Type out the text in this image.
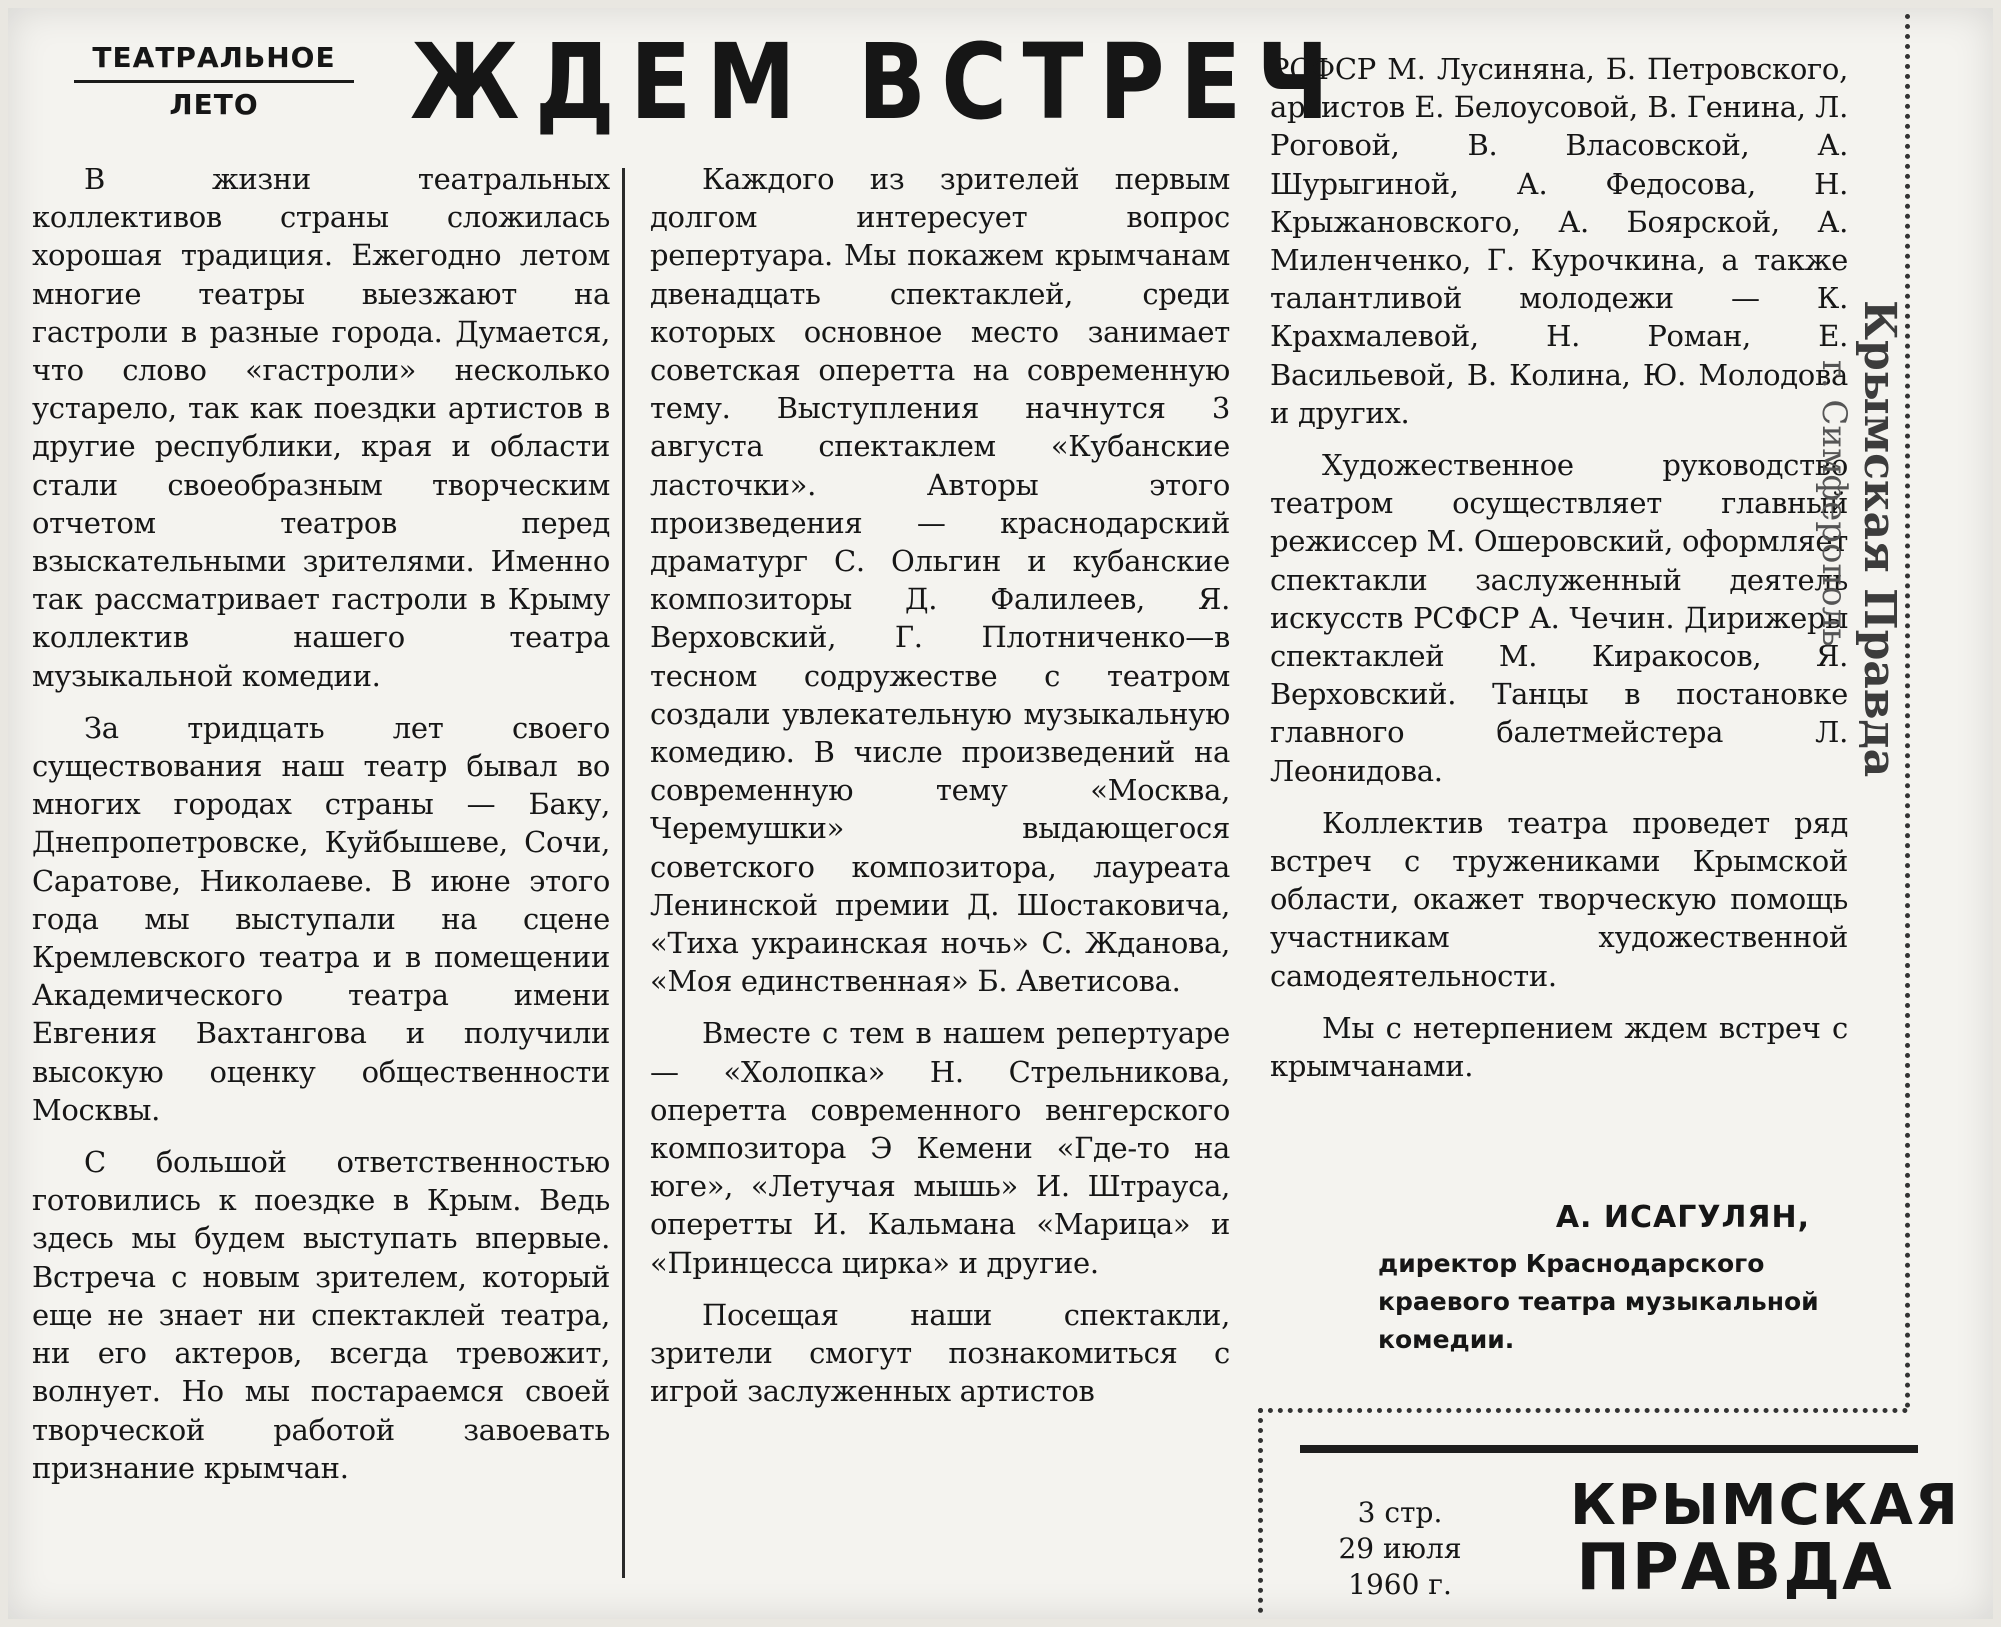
ТЕАТРАЛЬНОЕ
ЛЕТО	ЖДЕМ ВСТРЕЧ

В жизни театральных коллективов страны сложилась хорошая традиция. Ежегодно летом многие театры выезжают на гастроли в разные города. Думается, что слово «гастроли» несколько устарело, так как поездки артистов в другие республики, края и области стали своеобразным творческим отчетом театров перед взыскательными зрителями. Именно так рассматривает гастроли в Крыму коллектив нашего театра музыкальной комедии.

За тридцать лет своего существования наш театр бывал во многих городах страны — Баку, Днепропетровске, Куйбышеве, Сочи, Саратове, Николаеве. В июне этого года мы выступали на сцене Кремлевского театра и в помещении Академического театра имени Евгения Вахтангова и получили высокую оценку общественности Москвы.

С большой ответственностью готовились к поездке в Крым. Ведь здесь мы будем выступать впервые. Встреча с новым зрителем, который еще не знает ни спектаклей театра, ни его актеров, всегда тревожит, волнует. Но мы постараемся своей творческой работой завоевать признание крымчан.

Каждого из зрителей первым долгом интересует вопрос репертуара. Мы покажем крымчанам двенадцать спектаклей, среди которых основное место занимает советская оперетта на современную тему. Выступления начнутся 3 августа спектаклем «Кубанские ласточки». Авторы этого произведения — краснодарский драматург С. Ольгин и кубанские композиторы Д. Фалилеев, Я. Верховский, Г. Плотниченко—в тесном содружестве с театром создали увлекательную музыкальную комедию. В числе произведений на современную тему «Москва, Черемушки» выдающегося советского композитора, лауреата Ленинской премии Д. Шостаковича, «Тиха украинская ночь» С. Жданова, «Моя единственная» Б. Аветисова.

Вместе с тем в нашем репертуаре — «Холопка» Н. Стрельникова, оперетта современного венгерского композитора Э Кемени «Где-то на юге», «Летучая мышь» И. Штрауса, оперетты И. Кальмана «Марица» и «Принцесса цирка» и другие.

Посещая наши спектакли, зрители смогут познакомиться с игрой заслуженных артистов

РСФСР М. Лусиняна, Б. Петровского, артистов Е. Белоусовой, В. Генина, Л. Роговой, В. Власовской, А. Шурыгиной, А. Федосова, Н. Крыжановского, А. Боярской, А. Миленченко, Г. Курочкина, а также талантливой молодежи — К. Крахмалевой, Н. Роман, Е. Васильевой, В. Колина, Ю. Молодова и других.

Художественное руководство театром осуществляет главный режиссер М. Ошеровский, оформляет спектакли заслуженный деятель искусств РСФСР А. Чечин. Дирижеры спектаклей М. Киракосов, Я. Верховский. Танцы в постановке главного балетмейстера Л. Леонидова.

Коллектив театра проведет ряд встреч с тружениками Крымской области, окажет творческую помощь участникам художественной самодеятельности.

Мы с нетерпением ждем встреч с крымчанами.

А. ИСАГУЛЯН,
директор Краснодарского краевого театра музыкальной комедии.
3 стр.
29 июля
1960 г.
КРЫМСКАЯ
ПРАВДА
